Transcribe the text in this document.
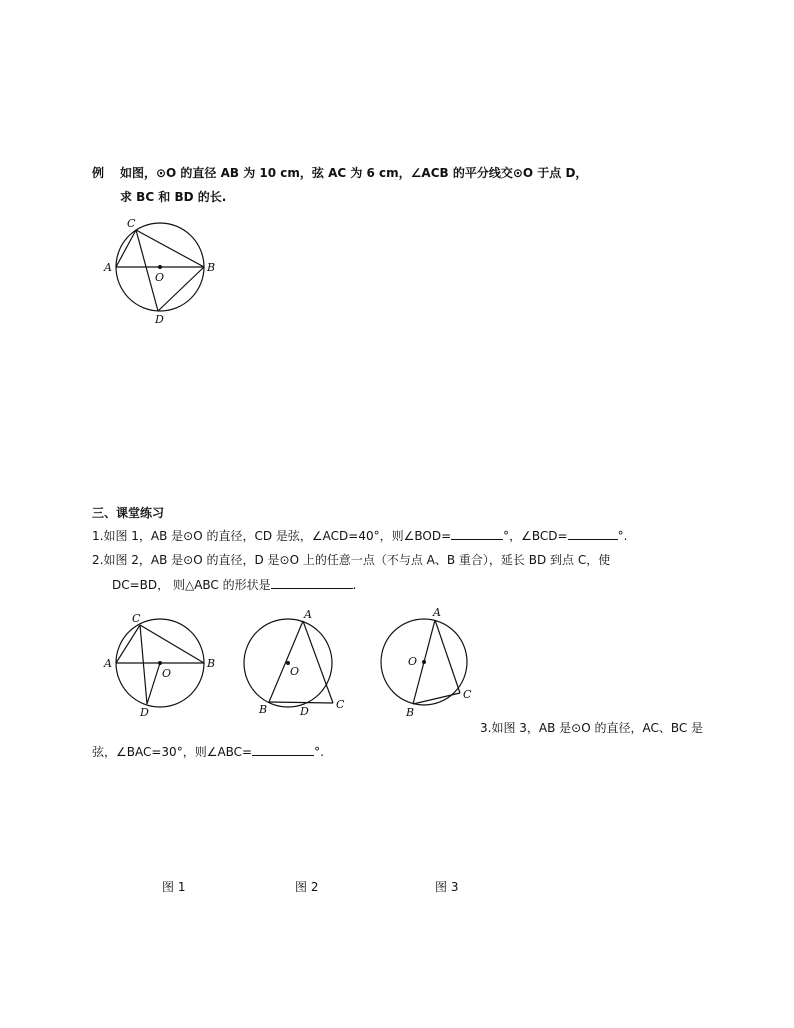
例 如图，⊙O 的直径 AB 为 10 cm，弦 AC 为 6 cm，∠ACB 的平分线交⊙O 于点 D，
求 BC 和 BD 的长.
C
A	B
O
D
三、课堂练习
1.如图 1，AB 是⊙O 的直径，CD 是弦，∠ACD=40°，则∠BOD=	°，∠BCD=	°.
2.如图 2，AB 是⊙O 的直径，D 是⊙O 上的任意一点（不与点 A、B 重合），延长 BD 到点 C，使
DC=BD， 则△ABC 的形状是	.
C
A	B
O
D
A
O
B	D
C
A
O
B
C
3.如图 3，AB 是⊙O 的直径，AC、BC 是
弦，∠BAC=30°，则∠ABC=	°.
图 1	图 2	图 3
